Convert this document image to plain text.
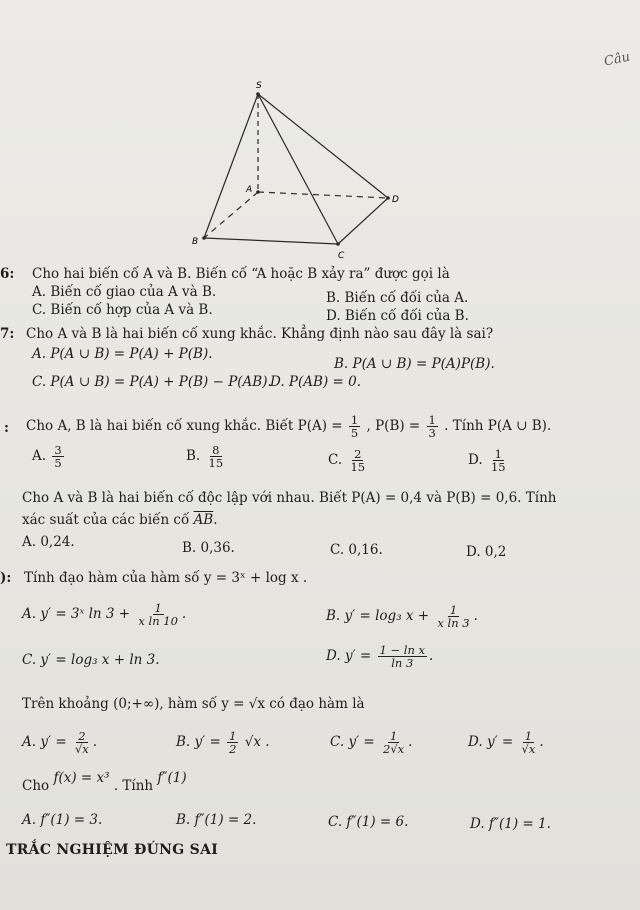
Câu
S
A
B
C
D
6: Cho hai biến cố A và B. Biến cố “A hoặc B xảy ra” được gọi là
A. Biến cố giao của A và B.	B. Biến cố đối của A.
C. Biến cố hợp của A và B.	D. Biến cố đối của B.
7: Cho A và B là hai biến cố xung khắc. Khẳng định nào sau đây là sai?
A. P(A ∪ B) = P(A) + P(B).
B. P(A ∪ B) = P(A)P(B).
C. P(A ∪ B) = P(A) + P(B) − P(AB).
D. P(AB) = 0.
: Cho A, B là hai biến cố xung khắc. Biết $P(A) = \frac{1}{5}$ , $P(B) = \frac{1}{3}$ . Tính P(A ∪ B).
A. $\frac{3}{5}$	B. $\frac{8}{15}$	C. $\frac{2}{15}$	D. $\frac{1}{15}$
Cho A và B là hai biến cố độc lập với nhau. Biết P(A) = 0,4 và P(B) = 0,6. Tính
xác suất của các biến cố $\overline{AB}$.
A. 0,24.	B. 0,36.	C. 0,16.	D. 0,2
): Tính đạo hàm của hàm số y = 3ˣ + log x .
A. y′ = 3ˣ $\ln 3 + \frac{1}{\text{x ln 10}}$ .	B. y′ = log₃ $x + \frac{1}{\text{x ln 3}}$ .
C. y′ = log₃ x + ln 3.	D. $y' = \frac{\text{1 − ln x}}{\ln 3}$ .
Trên khoảng (0;+∞), hàm số y = √x có đạo hàm là
A. $y' = \frac{2}{√x}$ .	B. $y' = \frac{1}{2} √x$ .	C. $y' = \frac{1}{2√x}$ .	D. $y' = \frac{1}{√x}$ .
Cho f(x) = x³ . Tính f″(1)
A. f″(1) = 3.	B. f″(1) = 2.	C. f″(1) = 6.	D. f″(1) = 1.
TRẮC NGHIỆM ĐÚNG SAI
